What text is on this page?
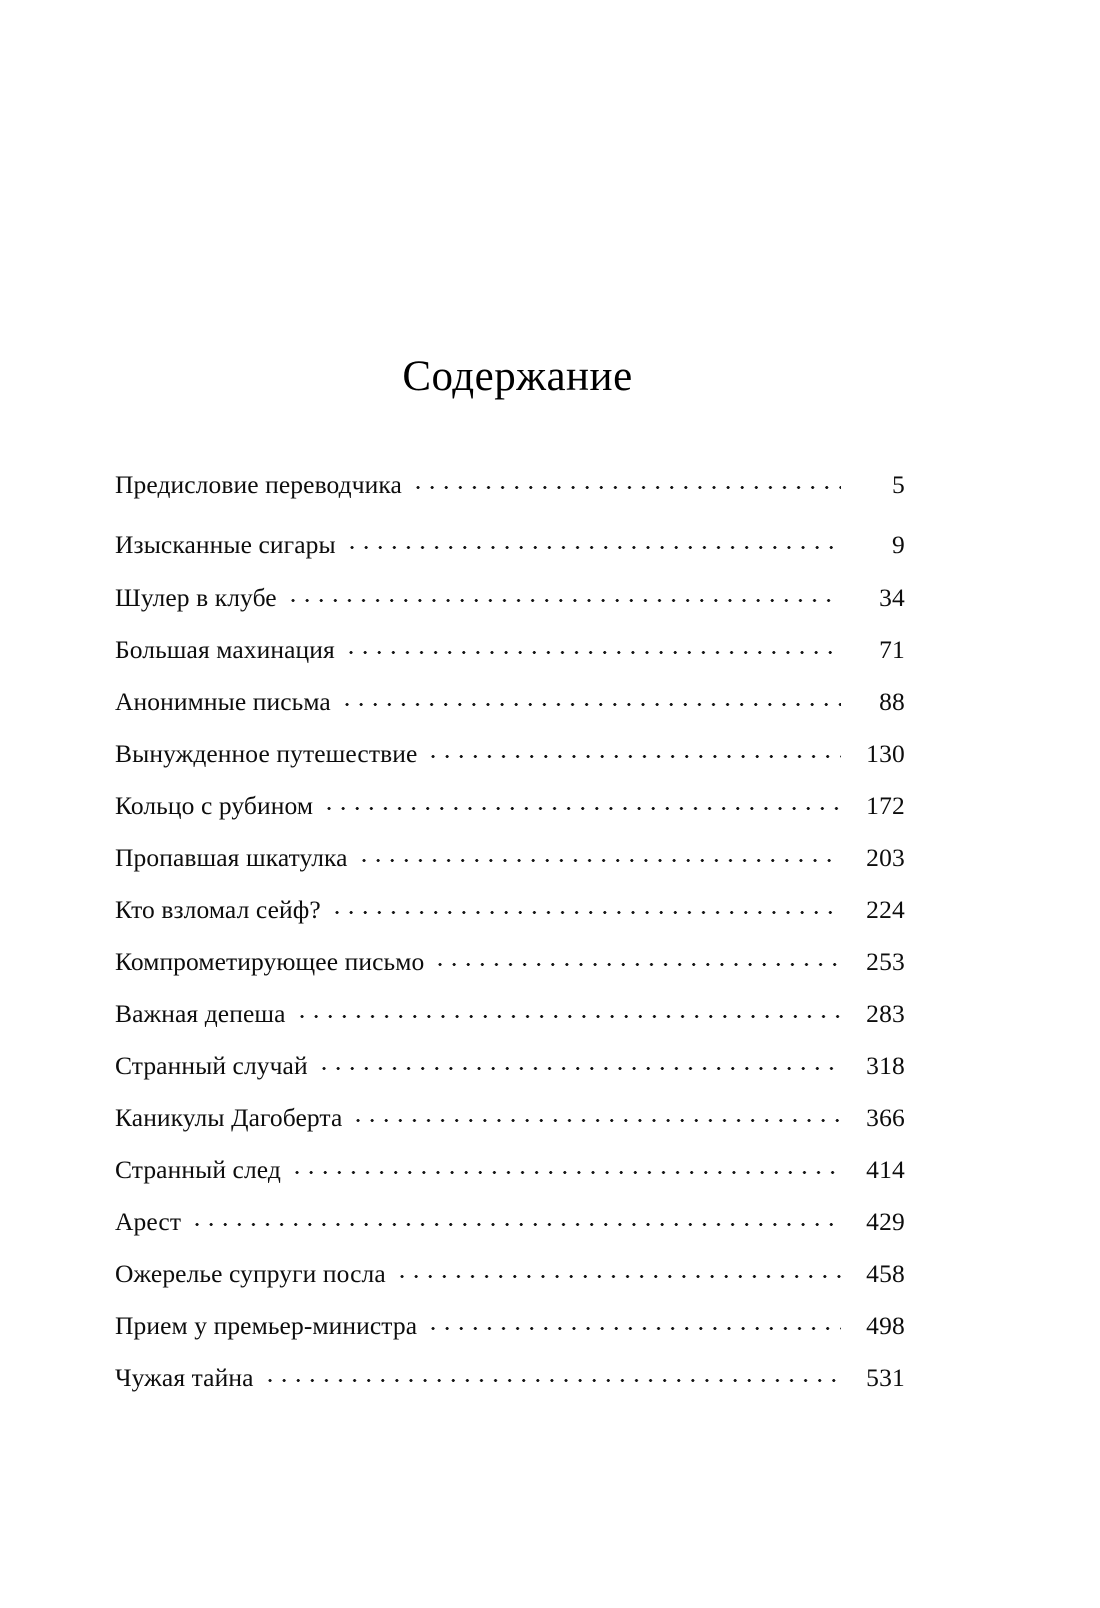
Содержание
Предисловие переводчика	5
Изысканные сигары	9
Шулер в клубе	34
Большая махинация	71
Анонимные письма	88
Вынужденное путешествие	130
Кольцо с рубином	172
Пропавшая шкатулка	203
Кто взломал сейф?	224
Компрометирующее письмо	253
Важная депеша	283
Странный случай	318
Каникулы Дагоберта	366
Странный след	414
Арест	429
Ожерелье супруги посла	458
Прием у премьер-министра	498
Чужая тайна	531
